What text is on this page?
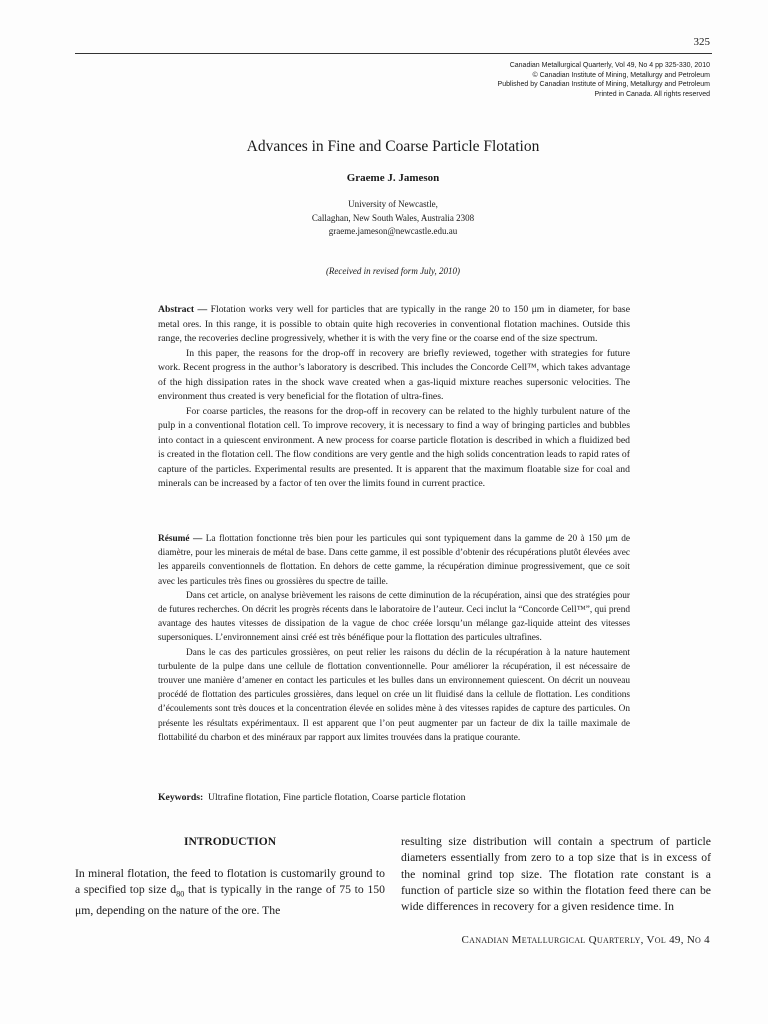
325
Canadian Metallurgical Quarterly, Vol 49, No 4 pp 325-330, 2010
© Canadian Institute of Mining, Metallurgy and Petroleum
Published by Canadian Institute of Mining, Metallurgy and Petroleum
Printed in Canada. All rights reserved
Advances in Fine and Coarse Particle Flotation
Graeme J. Jameson
University of Newcastle,
Callaghan, New South Wales, Australia 2308
graeme.jameson@newcastle.edu.au
(Received in revised form July, 2010)

Abstract — Flotation works very well for particles that are typically in the range 20 to 150 μm in diameter, for base metal ores. In this range, it is possible to obtain quite high recoveries in conventional flotation machines. Outside this range, the recoveries decline progressively, whether it is with the very fine or the coarse end of the size spectrum.

In this paper, the reasons for the drop-off in recovery are briefly reviewed, together with strategies for future work. Recent progress in the author’s laboratory is described. This includes the Concorde Cell™, which takes advantage of the high dissipation rates in the shock wave created when a gas-liquid mixture reaches supersonic velocities. The environment thus created is very beneficial for the flotation of ultra-fines.

For coarse particles, the reasons for the drop-off in recovery can be related to the highly turbulent nature of the pulp in a conventional flotation cell. To improve recovery, it is necessary to find a way of bringing particles and bubbles into contact in a quiescent environment. A new process for coarse particle flotation is described in which a fluidized bed is created in the flotation cell. The flow conditions are very gentle and the high solids concentration leads to rapid rates of capture of the particles. Experimental results are presented. It is apparent that the maximum floatable size for coal and minerals can be increased by a factor of ten over the limits found in current practice.

Résumé — La flottation fonctionne très bien pour les particules qui sont typiquement dans la gamme de 20 à 150 μm de diamètre, pour les minerais de métal de base. Dans cette gamme, il est possible d’obtenir des récupérations plutôt élevées avec les appareils conventionnels de flottation. En dehors de cette gamme, la récupération diminue progressivement, que ce soit avec les particules très fines ou grossières du spectre de taille.

Dans cet article, on analyse brièvement les raisons de cette diminution de la récupération, ainsi que des stratégies pour de futures recherches. On décrit les progrès récents dans le laboratoire de l’auteur. Ceci inclut la “Concorde Cell™”, qui prend avantage des hautes vitesses de dissipation de la vague de choc créée lorsqu’un mélange gaz-liquide atteint des vitesses supersoniques. L’environnement ainsi créé est très bénéfique pour la flottation des particules ultrafines.

Dans le cas des particules grossières, on peut relier les raisons du déclin de la récupération à la nature hautement turbulente de la pulpe dans une cellule de flottation conventionnelle. Pour améliorer la récupération, il est nécessaire de trouver une manière d’amener en contact les particules et les bulles dans un environnement quiescent. On décrit un nouveau procédé de flottation des particules grossières, dans lequel on crée un lit fluidisé dans la cellule de flottation. Les conditions d’écoulements sont très douces et la concentration élevée en solides mène à des vitesses rapides de capture des particules. On présente les résultats expérimentaux. Il est apparent que l’on peut augmenter par un facteur de dix la taille maximale de flottabilité du charbon et des minéraux par rapport aux limites trouvées dans la pratique courante.

Keywords: Ultrafine flotation, Fine particle flotation, Coarse particle flotation
INTRODUCTION
In mineral flotation, the feed to flotation is customarily ground to a specified top size $d_{80}$ that is typically in the range of 75 to 150 μm, depending on the nature of the ore. The
resulting size distribution will contain a spectrum of particle diameters essentially from zero to a top size that is in excess of the nominal grind top size. The flotation rate constant is a function of particle size so within the flotation feed there can be wide differences in recovery for a given residence time. In
Canadian Metallurgical Quarterly, Vol 49, No 4
